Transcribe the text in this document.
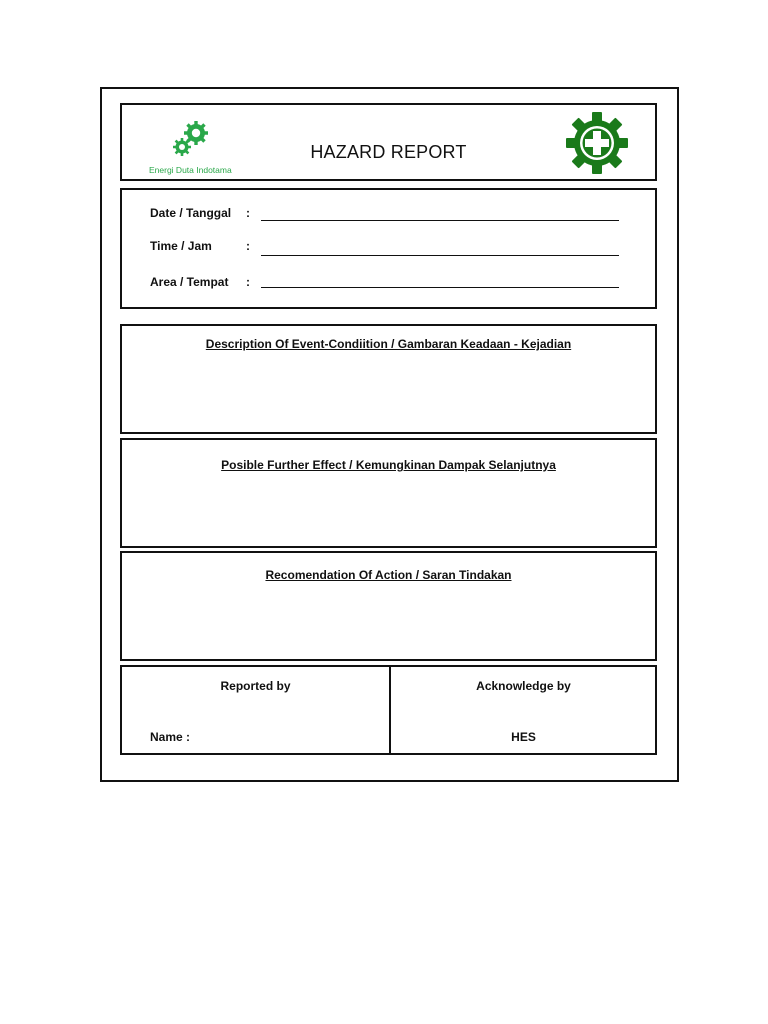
Energi Duta Indotama
HAZARD REPORT
Date / Tanggal	:
Time / Jam	:
Area / Tempat	:
Description Of Event-Condiition / Gambaran Keadaan - Kejadian
Posible Further Effect / Kemungkinan Dampak Selanjutnya
Recomendation Of Action / Saran Tindakan
Reported by	Acknowledge by
Name :	HES
